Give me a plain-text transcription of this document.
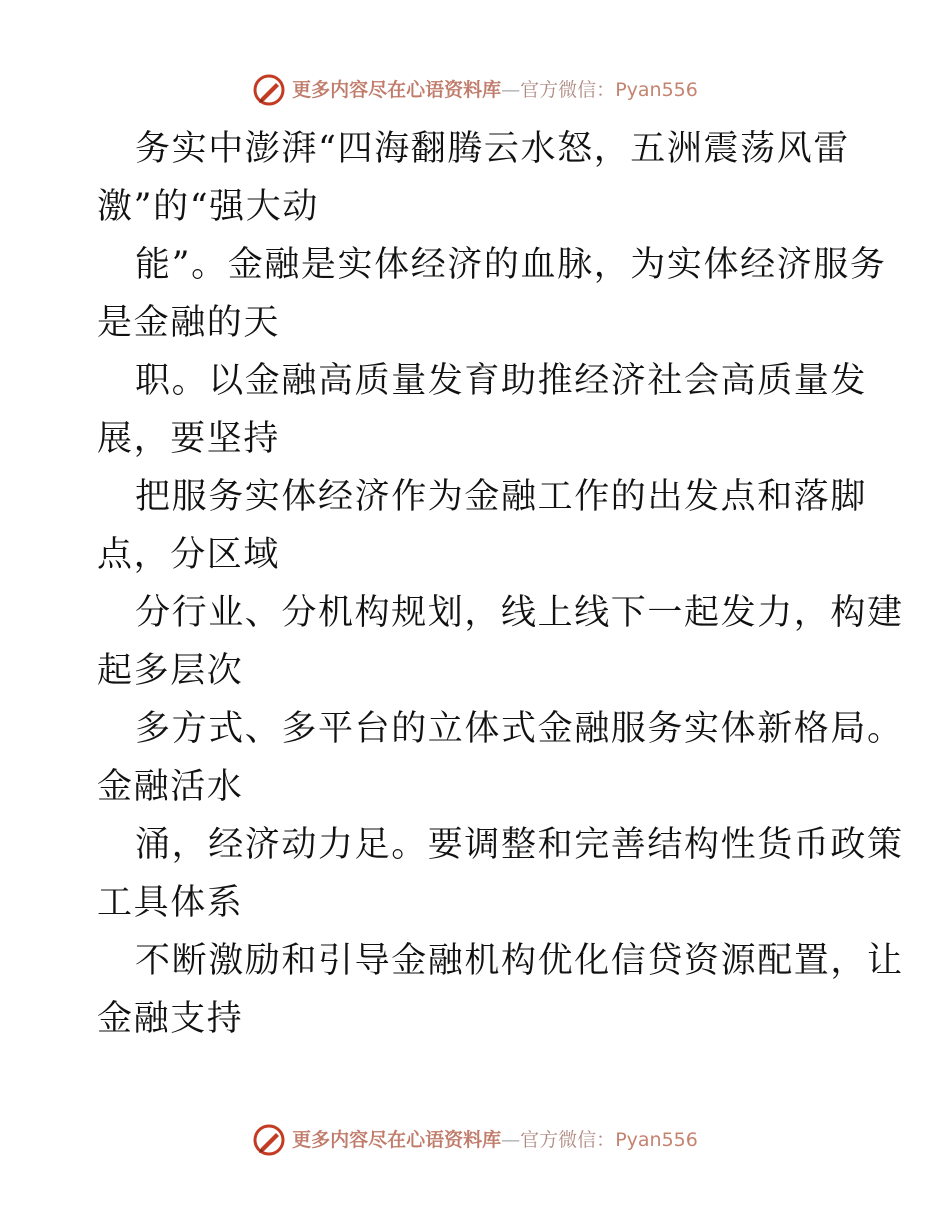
更多内容尽在心语资料库—官方微信：Pyan556
务实中澎湃“四海翻腾云水怒，五洲震荡风雷
激”的“强大动
能”。金融是实体经济的血脉，为实体经济服务
是金融的天
职。以金融高质量发育助推经济社会高质量发
展，要坚持
把服务实体经济作为金融工作的出发点和落脚
点，分区域
分行业、分机构规划，线上线下一起发力，构建
起多层次
多方式、多平台的立体式金融服务实体新格局。
金融活水
涌，经济动力足。要调整和完善结构性货币政策
工具体系
不断激励和引导金融机构优化信贷资源配置，让
金融支持
更多内容尽在心语资料库—官方微信：Pyan556
